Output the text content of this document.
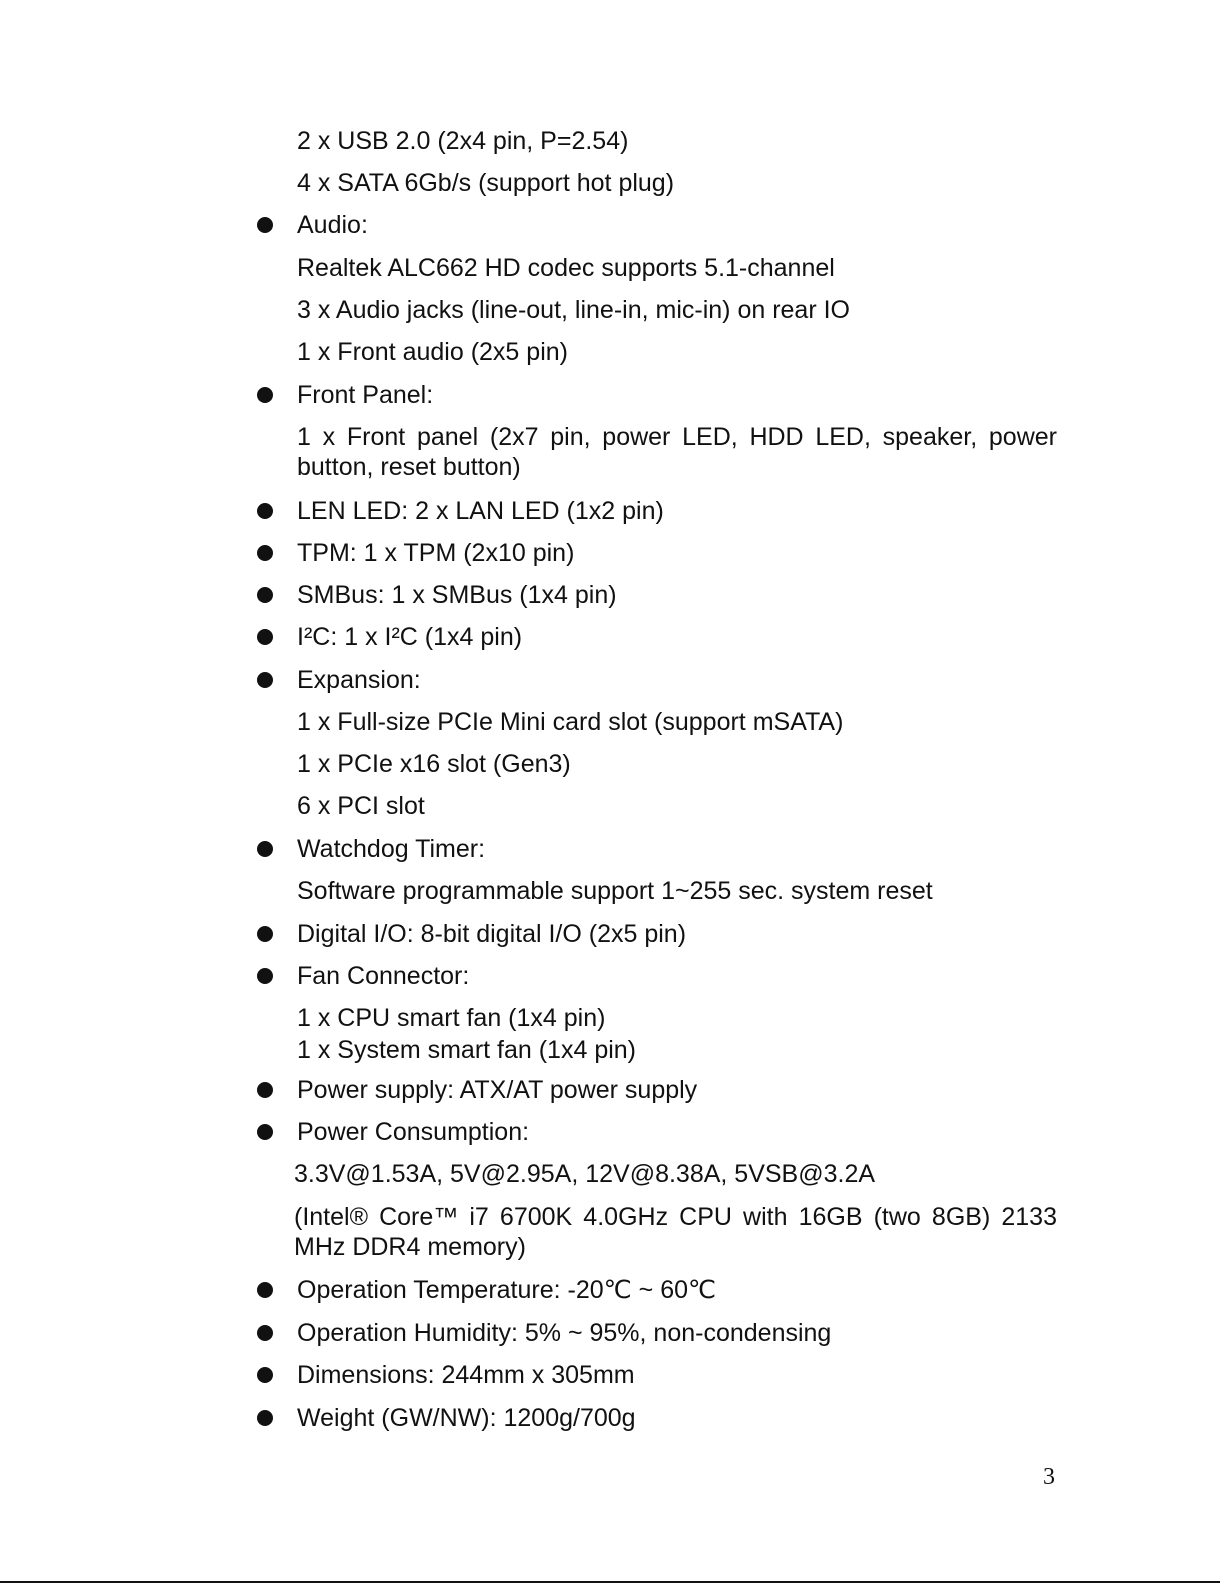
2 x USB 2.0 (2x4 pin, P=2.54)
4 x SATA 6Gb/s (support hot plug)
Audio:
Realtek ALC662 HD codec supports 5.1-channel
3 x Audio jacks (line-out, line-in, mic-in) on rear IO
1 x Front audio (2x5 pin)
Front Panel:
1 x Front panel (2x7 pin, power LED, HDD LED, speaker, power button, reset button)
LEN LED: 2 x LAN LED (1x2 pin)
TPM: 1 x TPM (2x10 pin)
SMBus: 1 x SMBus (1x4 pin)
I²C: 1 x I²C (1x4 pin)
Expansion:
1 x Full-size PCIe Mini card slot (support mSATA)
1 x PCIe x16 slot (Gen3)
6 x PCI slot
Watchdog Timer:
Software programmable support 1~255 sec. system reset
Digital I/O: 8-bit digital I/O (2x5 pin)
Fan Connector:
1 x CPU smart fan (1x4 pin)
1 x System smart fan (1x4 pin)
Power supply: ATX/AT power supply
Power Consumption:
3.3V@1.53A, 5V@2.95A, 12V@8.38A, 5VSB@3.2A
(Intel® Core™ i7 6700K 4.0GHz CPU with 16GB (two 8GB) 2133 MHz DDR4 memory)
Operation Temperature: -20℃ ~ 60℃
Operation Humidity: 5% ~ 95%, non-condensing
Dimensions: 244mm x 305mm
Weight (GW/NW): 1200g/700g
3
